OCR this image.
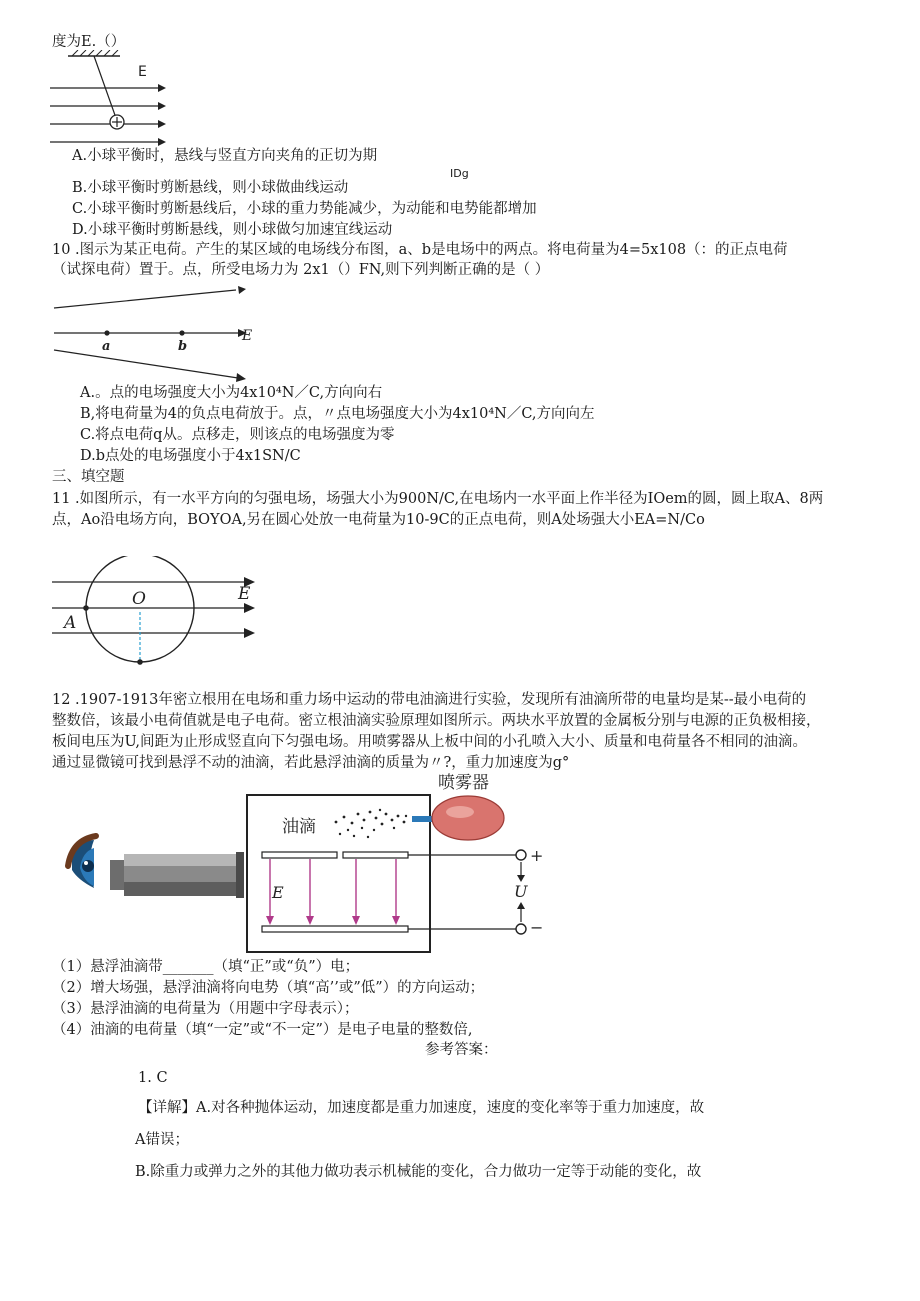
度为E.（）
E
A.小球平衡时，悬线与竖直方向夹角的正切为期
IDg
B.小球平衡时剪断悬线，则小球做曲线运动
C.小球平衡时剪断悬线后，小球的重力势能减少，为动能和电势能都增加
D.小球平衡时剪断悬线，则小球做匀加速宜线运动
10 .图示为某正电荷。产生的某区域的电场线分布图，a、b是电场中的两点。将电荷量为4=5x108（：的正点电荷
（试探电荷）置于。点，所受电场力为 2x1（）FN,则下列判断正确的是（ ）
a	b
E
A.。点的电场强度大小为4x10⁴N／C,方向向右
B,将电荷量为4的负点电荷放于。点，〃点电场强度大小为4x10⁴N／C,方向向左
C.将点电荷q从。点移走，则该点的电场强度为零
D.b点处的电场强度小于4x1SN/C
三、填空题
11 .如图所示，有一水平方向的匀强电场，场强大小为900N/C,在电场内一水平面上作半径为IOem的圆，圆上取A、8两
点，Ao沿电场方向，BOYOA,另在圆心处放一电荷量为10-9C的正点电荷，则A处场强大小EA=N/Co
O
A
E
12 .1907-1913年密立根用在电场和重力场中运动的带电油滴进行实验，发现所有油滴所带的电量均是某--最小电荷的
整数倍，该最小电荷值就是电子电荷。密立根油滴实验原理如图所示。两块水平放置的金属板分别与电源的正负极相接，
板间电压为U,间距为止形成竖直向下匀强电场。用喷雾器从上板中间的小孔喷入大小、质量和电荷量各不相同的油滴。
通过显微镜可找到悬浮不动的油滴，若此悬浮油滴的质量为〃?，重力加速度为g°
E
+
−
U
喷雾器
油滴
（1）悬浮油滴带_______（填“正”或“负”）电；
（2）增大场强，悬浮油滴将向电势（填“高’’或”低”）的方向运动；
（3）悬浮油滴的电荷量为（用题中字母表示）；
（4）油滴的电荷量（填“一定”或“不一定”）是电子电量的整数倍,
参考答案：
1. C
【详解】A.对各种抛体运动，加速度都是重力加速度，速度的变化率等于重力加速度，故
A错误；
B.除重力或弹力之外的其他力做功表示机械能的变化，合力做功一定等于动能的变化，故
